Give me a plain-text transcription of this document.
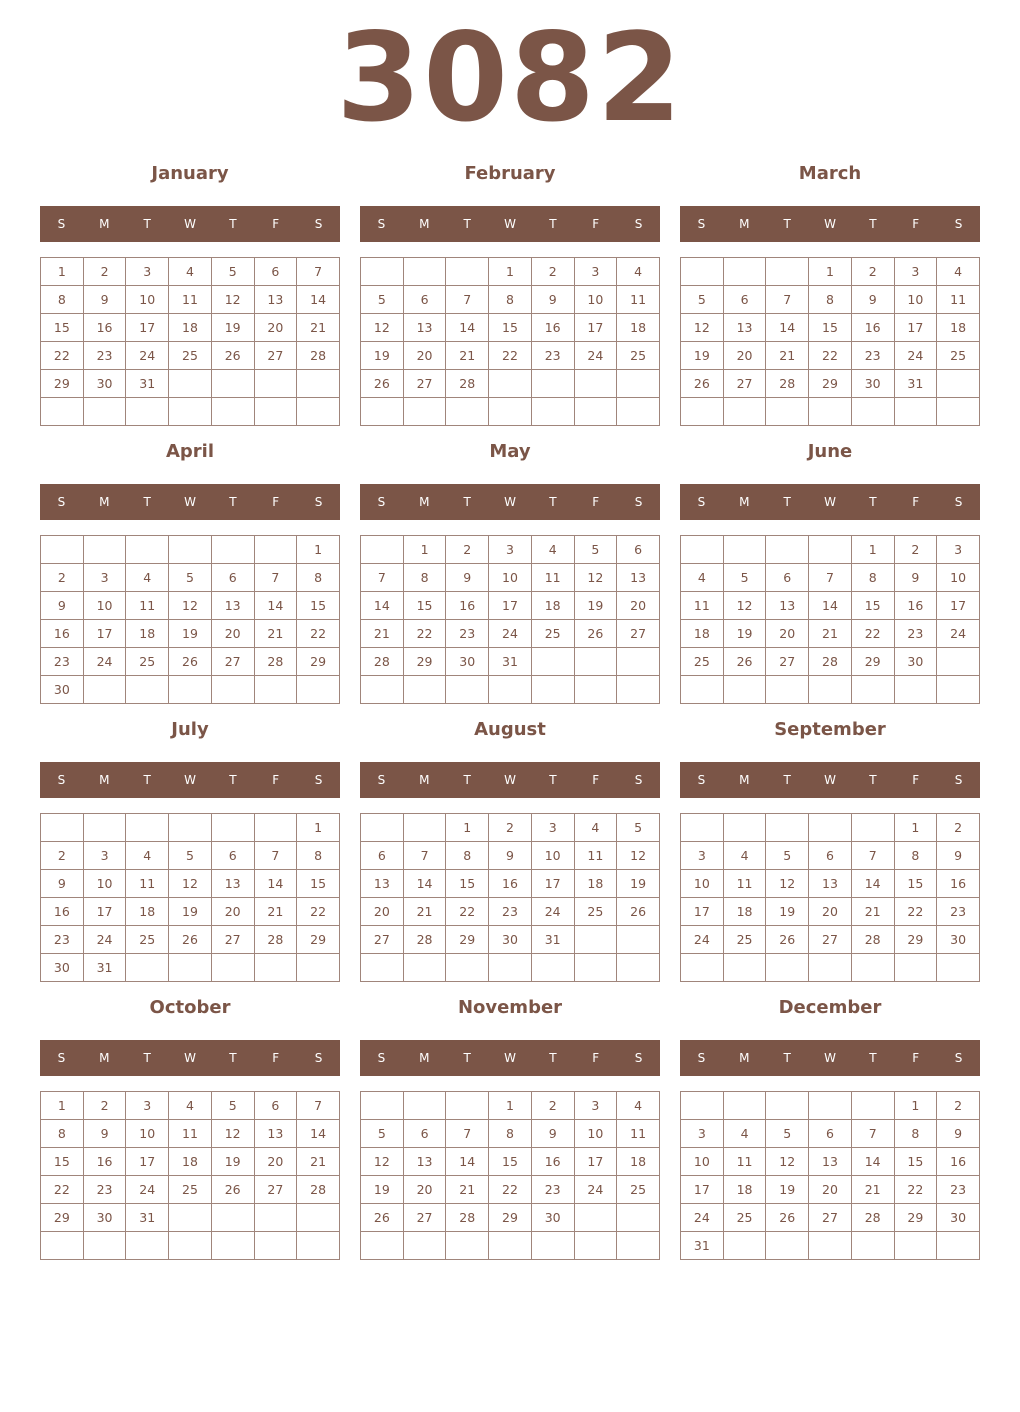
3082
January
S	M	T	W	T	F	S
1	2	3	4	5	6	7
8	9	10	11	12	13	14
15	16	17	18	19	20	21
22	23	24	25	26	27	28
29	30	31				

February
S	M	T	W	T	F	S
			1	2	3	4
5	6	7	8	9	10	11
12	13	14	15	16	17	18
19	20	21	22	23	24	25
26	27	28				

March
S	M	T	W	T	F	S
			1	2	3	4
5	6	7	8	9	10	11
12	13	14	15	16	17	18
19	20	21	22	23	24	25
26	27	28	29	30	31	

April
S	M	T	W	T	F	S
						1
2	3	4	5	6	7	8
9	10	11	12	13	14	15
16	17	18	19	20	21	22
23	24	25	26	27	28	29
30						
May
S	M	T	W	T	F	S
	1	2	3	4	5	6
7	8	9	10	11	12	13
14	15	16	17	18	19	20
21	22	23	24	25	26	27
28	29	30	31			

June
S	M	T	W	T	F	S
				1	2	3
4	5	6	7	8	9	10
11	12	13	14	15	16	17
18	19	20	21	22	23	24
25	26	27	28	29	30	

July
S	M	T	W	T	F	S
						1
2	3	4	5	6	7	8
9	10	11	12	13	14	15
16	17	18	19	20	21	22
23	24	25	26	27	28	29
30	31					
August
S	M	T	W	T	F	S
		1	2	3	4	5
6	7	8	9	10	11	12
13	14	15	16	17	18	19
20	21	22	23	24	25	26
27	28	29	30	31		

September
S	M	T	W	T	F	S
					1	2
3	4	5	6	7	8	9
10	11	12	13	14	15	16
17	18	19	20	21	22	23
24	25	26	27	28	29	30

October
S	M	T	W	T	F	S
1	2	3	4	5	6	7
8	9	10	11	12	13	14
15	16	17	18	19	20	21
22	23	24	25	26	27	28
29	30	31				

November
S	M	T	W	T	F	S
			1	2	3	4
5	6	7	8	9	10	11
12	13	14	15	16	17	18
19	20	21	22	23	24	25
26	27	28	29	30		

December
S	M	T	W	T	F	S
					1	2
3	4	5	6	7	8	9
10	11	12	13	14	15	16
17	18	19	20	21	22	23
24	25	26	27	28	29	30
31						
